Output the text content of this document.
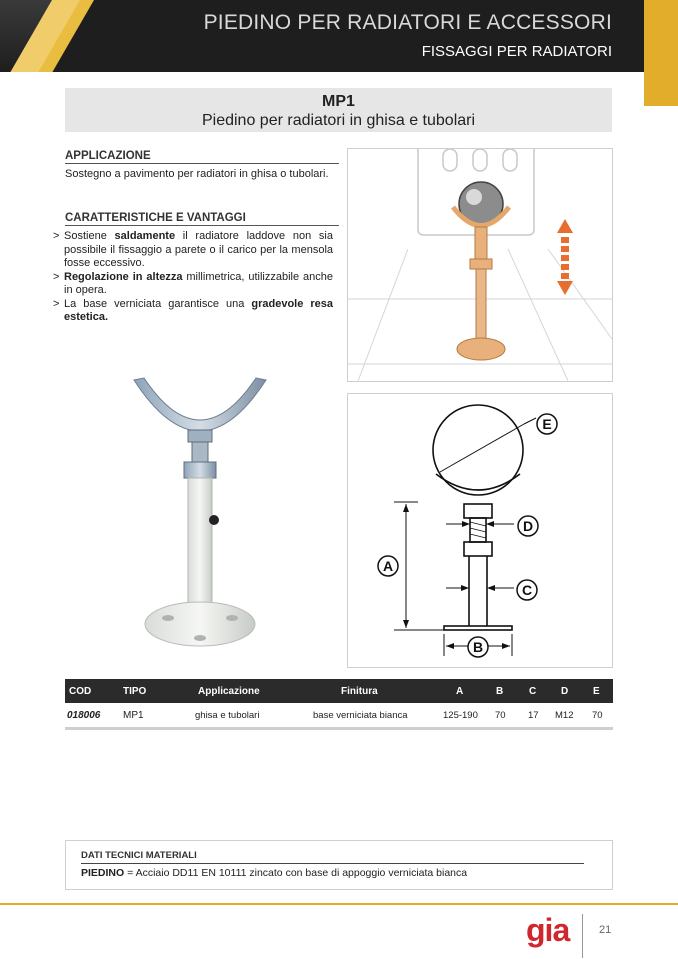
PIEDINO PER RADIATORI E ACCESSORI
FISSAGGI PER RADIATORI
MP1
Piedino per radiatori in ghisa e tubolari
APPLICAZIONE
Sostegno a pavimento per radiatori in ghisa o tubolari.
CARATTERISTICHE E VANTAGGI
> Sostiene saldamente il radiatore laddove non sia possibile il fissaggio a parete o il carico per la mensola fosse eccessivo.
> Regolazione in altezza millimetrica, utilizzabile anche in opera.
> La base verniciata garantisce una gradevole resa estetica.
A
B
D
C
E
COD	TIPO	Applicazione	Finitura	A	B	C D E
018006 MP1	ghisa e tubolari	base verniciata bianca	125-190 70 17 M12 70
DATI TECNICI MATERIALI
PIEDINO = Acciaio DD11 EN 10111 zincato con base di appoggio verniciata bianca
gia	21
